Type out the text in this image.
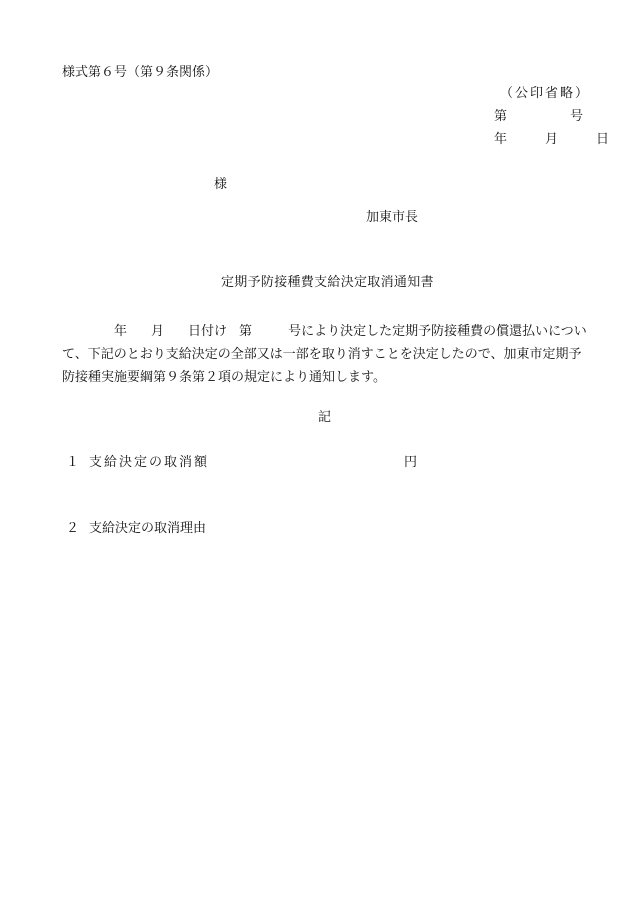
様式第６号（第９条関係）
（公印省略）
第	号
年	月	日
様
加東市長
定期予防接種費支給決定取消通知書
年 月 日付け 第	号により決定した定期予防接種費の償還払いについ
て、下記のとおり支給決定の全部又は一部を取り消すことを決定したので、加東市定期予
防接種実施要綱第９条第２項の規定により通知します。
記
１ 支給決定の取消額	円
２ 支給決定の取消理由
